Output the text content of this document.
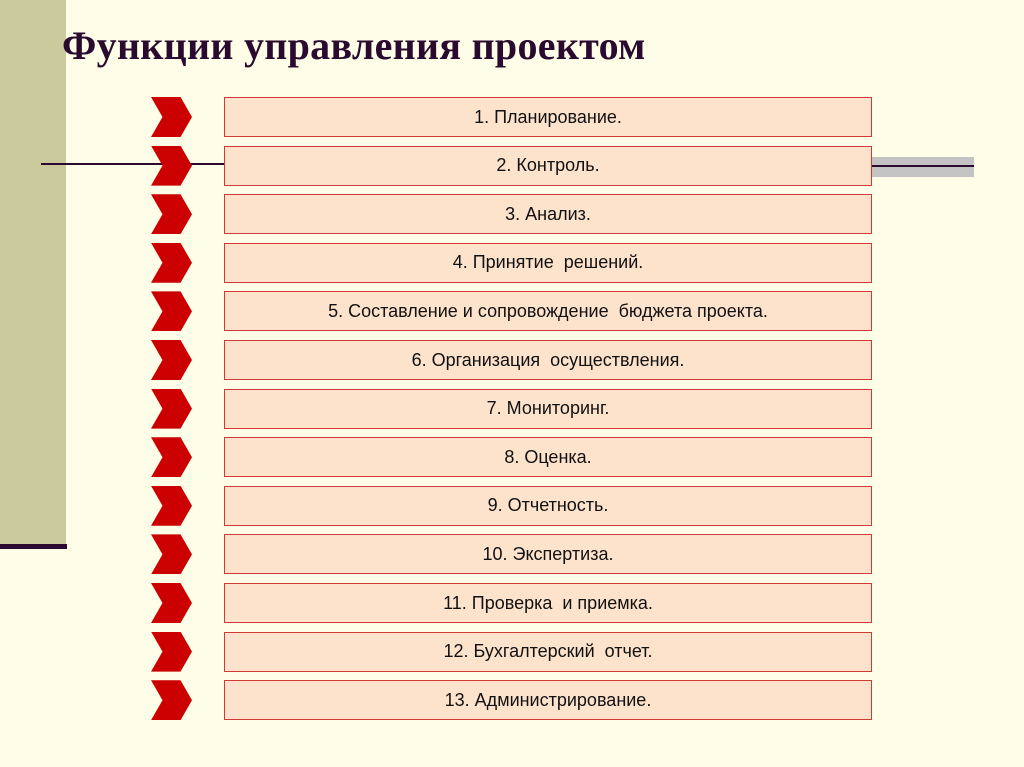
Функции управления проектом
1. Планирование.
2. Контроль.
3. Анализ.
4. Принятие  решений.
5. Составление и сопровождение  бюджета проекта.
6. Организация  осуществления.
7. Мониторинг.
8. Оценка.
9. Отчетность.
10. Экспертиза.
11. Проверка  и приемка.
12. Бухгалтерский  отчет.
13. Администрирование.
